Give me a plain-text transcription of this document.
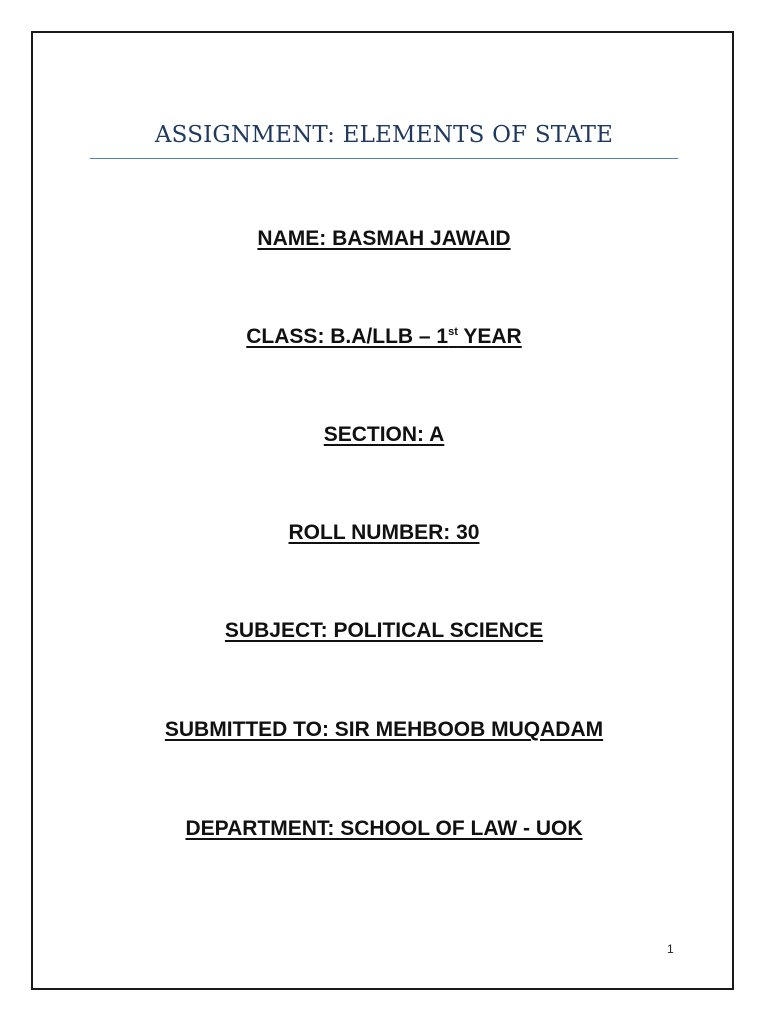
ASSIGNMENT: ELEMENTS OF STATE
NAME: BASMAH JAWAID
CLASS: B.A/LLB – 1st YEAR
SECTION: A
ROLL NUMBER: 30
SUBJECT: POLITICAL SCIENCE
SUBMITTED TO: SIR MEHBOOB MUQADAM
DEPARTMENT: SCHOOL OF LAW - UOK
1
